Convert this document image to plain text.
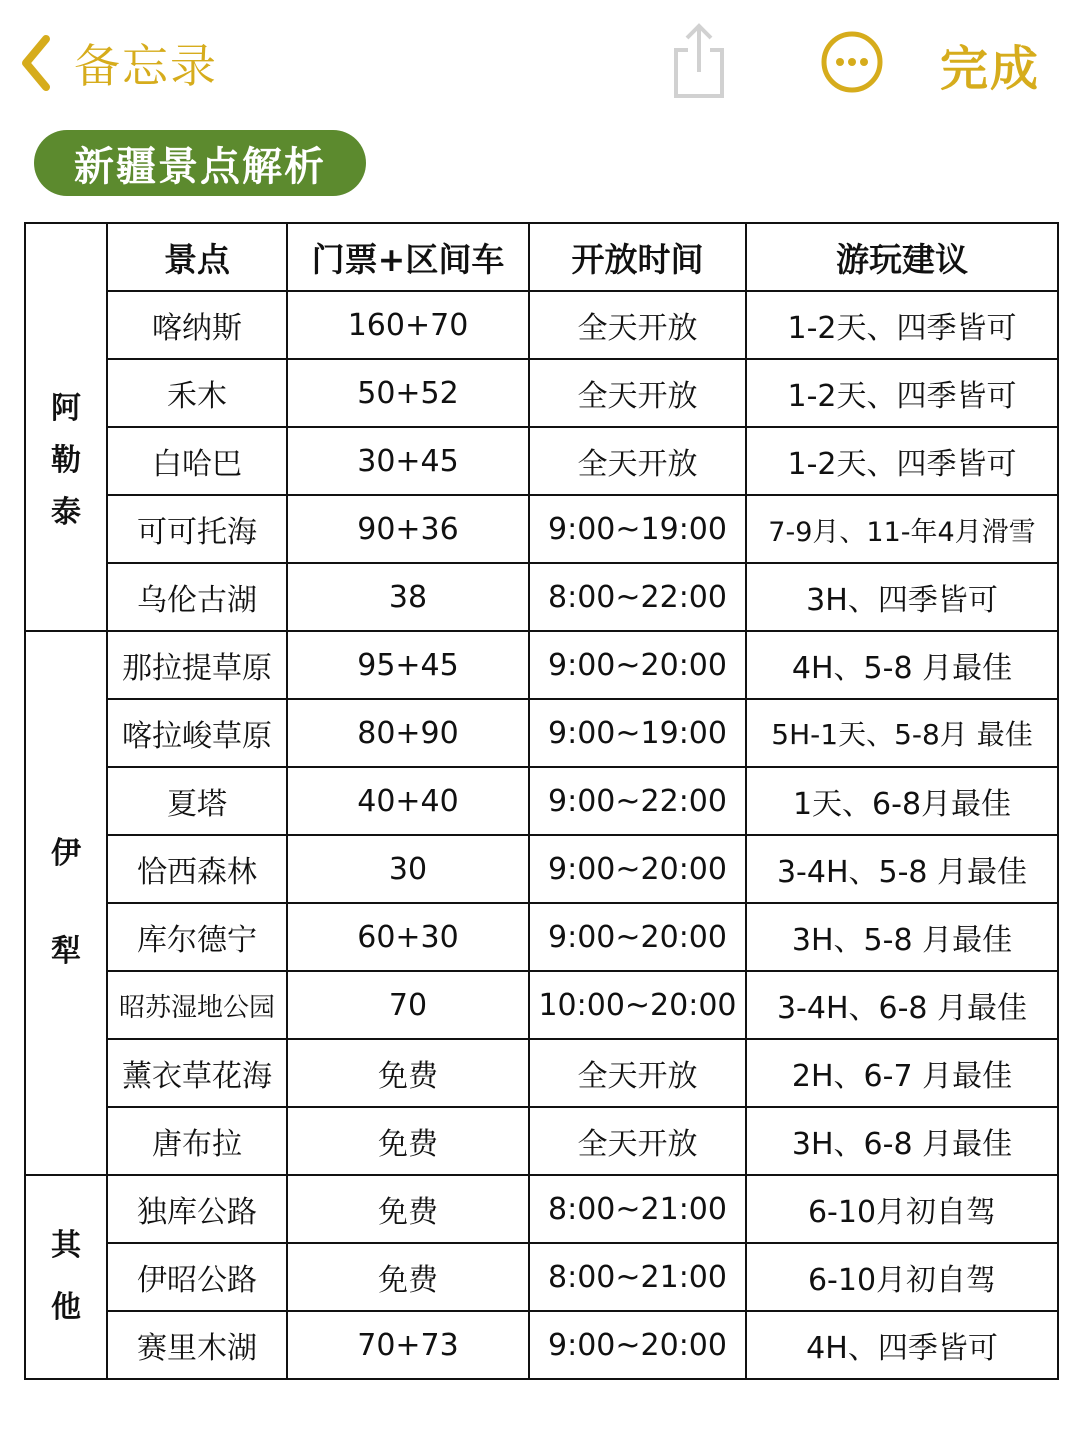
备忘录	完成
新疆景点解析
	景点	门票+区间车	开放时间	游玩建议

阿
勒
泰	喀纳斯	160+70	全天开放	1-2天、四季皆可
	禾木	50+52	全天开放	1-2天、四季皆可
	白哈巴	30+45	全天开放	1-2天、四季皆可
	可可托海	90+36	9:00~19:00	7-9月、11-年4月滑雪
	乌伦古湖	38	8:00~22:00	3H、四季皆可

伊
犁	那拉提草原	95+45	9:00~20:00	4H、5-8 月最佳
	喀拉峻草原	80+90	9:00~19:00	5H-1天、5-8月 最佳
	夏塔	40+40	9:00~22:00	1天、6-8月最佳
	恰西森林	30	9:00~20:00	3-4H、5-8 月最佳
	库尔德宁	60+30	9:00~20:00	3H、5-8 月最佳
	昭苏湿地公园	70	10:00~20:00	3-4H、6-8 月最佳
	薰衣草花海	免费	全天开放	2H、6-7 月最佳
	唐布拉	免费	全天开放	3H、6-8 月最佳

其
他	独库公路	免费	8:00~21:00	6-10月初自驾
	伊昭公路	免费	8:00~21:00	6-10月初自驾
	赛里木湖	70+73	9:00~20:00	4H、四季皆可
